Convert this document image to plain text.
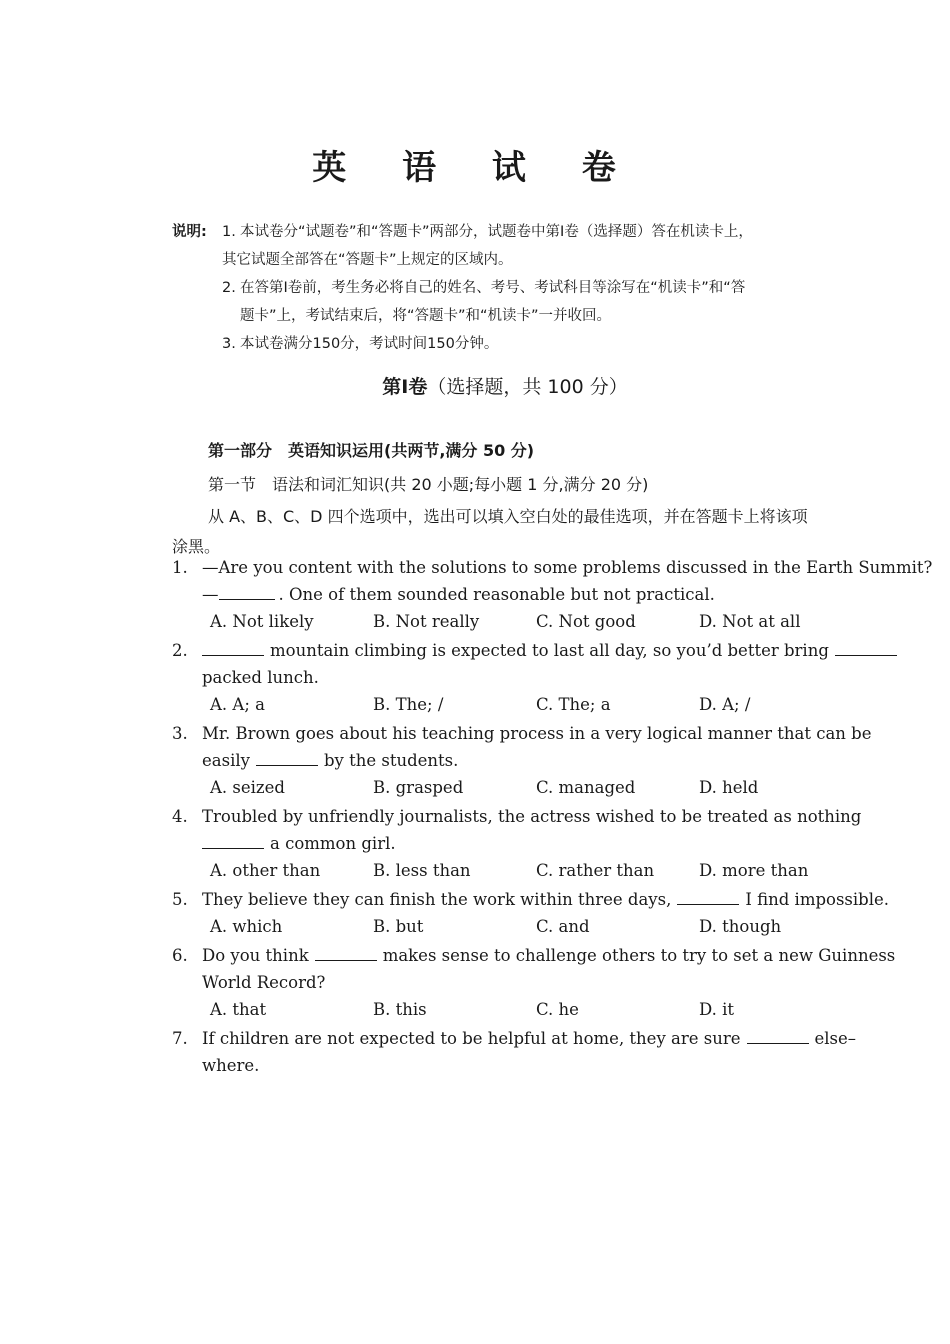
英 语 试 卷
说明: 1. 本试卷分“试题卷”和“答题卡”两部分，试题卷中第Ⅰ卷（选择题）答在机读卡上，
其它试题全部答在“答题卡”上规定的区域内。
2. 在答第Ⅰ卷前，考生务必将自己的姓名、考号、考试科目等涂写在“机读卡”和“答
题卡”上，考试结束后，将“答题卡”和“机读卡”一并收回。
3. 本试卷满分150分，考试时间150分钟。
第Ⅰ卷（选择题，共 100 分）
第一部分　英语知识运用(共两节,满分 50 分)
第一节 语法和词汇知识(共 20 小题;每小题 1 分,满分 20 分)
从 A、B、C、D 四个选项中，选出可以填入空白处的最佳选项，并在答题卡上将该项
涂黑。
1. —Are you content with the solutions to some problems discussed in the Earth Summit?
—	. One of them sounded reasonable but not practical.
A. Not likely	B. Not really	C. Not good	D. Not at all
2.	mountain climbing is expected to last all day, so you’d better bring
packed lunch.
A. A; a	B. The; /	C. The; a	D. A; /
3. Mr. Brown goes about his teaching process in a very logical manner that can be
easily	by the students.
A. seized	B. grasped	C. managed	D. held
4. Troubled by unfriendly journalists, the actress wished to be treated as nothing
a common girl.
A. other than	B. less than	C. rather than	D. more than
5. They believe they can finish the work within three days,	I find impossible.
A. which	B. but	C. and	D. though
6. Do you think	makes sense to challenge others to try to set a new Guinness
World Record?
A. that	B. this	C. he	D. it
7. If children are not expected to be helpful at home, they are sure	else–
where.
